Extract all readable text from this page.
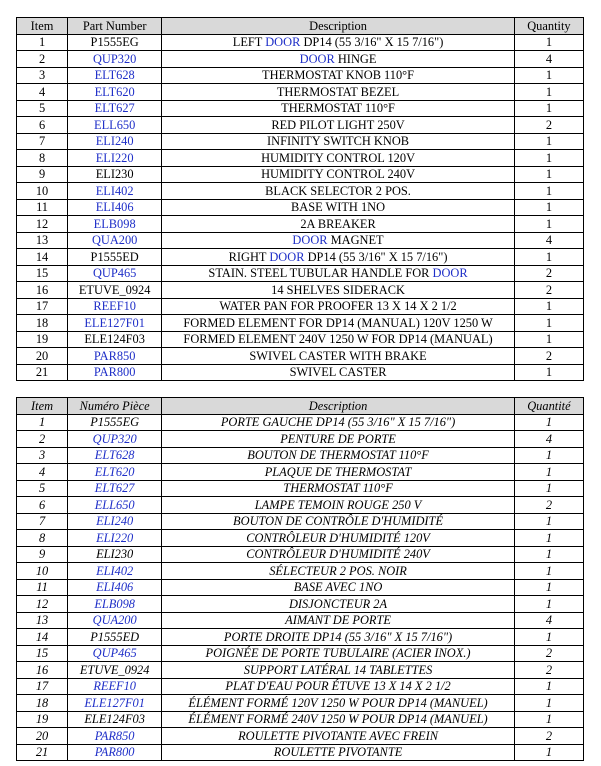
Item	Part Number	Description	Quantity
1	P1555EG	LEFT DOOR DP14 (55 3/16" X 15 7/16")	1
2	QUP320	DOOR HINGE	4
3	ELT628	THERMOSTAT KNOB 110°F	1
4	ELT620	THERMOSTAT BEZEL	1
5	ELT627	THERMOSTAT 110°F	1
6	ELL650	RED PILOT LIGHT 250V	2
7	ELI240	INFINITY SWITCH KNOB	1
8	ELI220	HUMIDITY CONTROL 120V	1
9	ELI230	HUMIDITY CONTROL 240V	1
10	ELI402	BLACK SELECTOR 2 POS.	1
11	ELI406	BASE WITH 1NO	1
12	ELB098	2A BREAKER	1
13	QUA200	DOOR MAGNET	4
14	P1555ED	RIGHT DOOR DP14 (55 3/16" X 15 7/16")	1
15	QUP465	STAIN. STEEL TUBULAR HANDLE FOR DOOR	2
16	ETUVE_0924	14 SHELVES SIDERACK	2
17	REEF10	WATER PAN FOR PROOFER 13 X 14 X 2 1/2	1
18	ELE127F01	FORMED ELEMENT FOR DP14 (MANUAL) 120V 1250 W	1
19	ELE124F03	FORMED ELEMENT 240V 1250 W FOR DP14 (MANUAL)	1
20	PAR850	SWIVEL CASTER WITH BRAKE	2
21	PAR800	SWIVEL CASTER	1
Item	Numéro Pièce	Description	Quantité
1	P1555EG	PORTE GAUCHE DP14 (55 3/16" X 15 7/16")	1
2	QUP320	PENTURE DE PORTE	4
3	ELT628	BOUTON DE THERMOSTAT 110°F	1
4	ELT620	PLAQUE DE THERMOSTAT	1
5	ELT627	THERMOSTAT 110°F	1
6	ELL650	LAMPE TEMOIN ROUGE 250 V	2
7	ELI240	BOUTON DE CONTRÔLE D'HUMIDITÉ	1
8	ELI220	CONTRÔLEUR D'HUMIDITÉ 120V	1
9	ELI230	CONTRÔLEUR D'HUMIDITÉ 240V	1
10	ELI402	SÉLECTEUR 2 POS. NOIR	1
11	ELI406	BASE AVEC 1NO	1
12	ELB098	DISJONCTEUR 2A	1
13	QUA200	AIMANT DE PORTE	4
14	P1555ED	PORTE DROITE DP14 (55 3/16" X 15 7/16")	1
15	QUP465	POIGNÉE DE PORTE TUBULAIRE (ACIER INOX.)	2
16	ETUVE_0924	SUPPORT LATÉRAL 14 TABLETTES	2
17	REEF10	PLAT D'EAU POUR ÉTUVE 13 X 14 X 2 1/2	1
18	ELE127F01	ÉLÉMENT FORMÉ 120V 1250 W POUR DP14 (MANUEL)	1
19	ELE124F03	ÉLÉMENT FORMÉ 240V 1250 W POUR DP14 (MANUEL)	1
20	PAR850	ROULETTE PIVOTANTE AVEC FREIN	2
21	PAR800	ROULETTE PIVOTANTE	1
